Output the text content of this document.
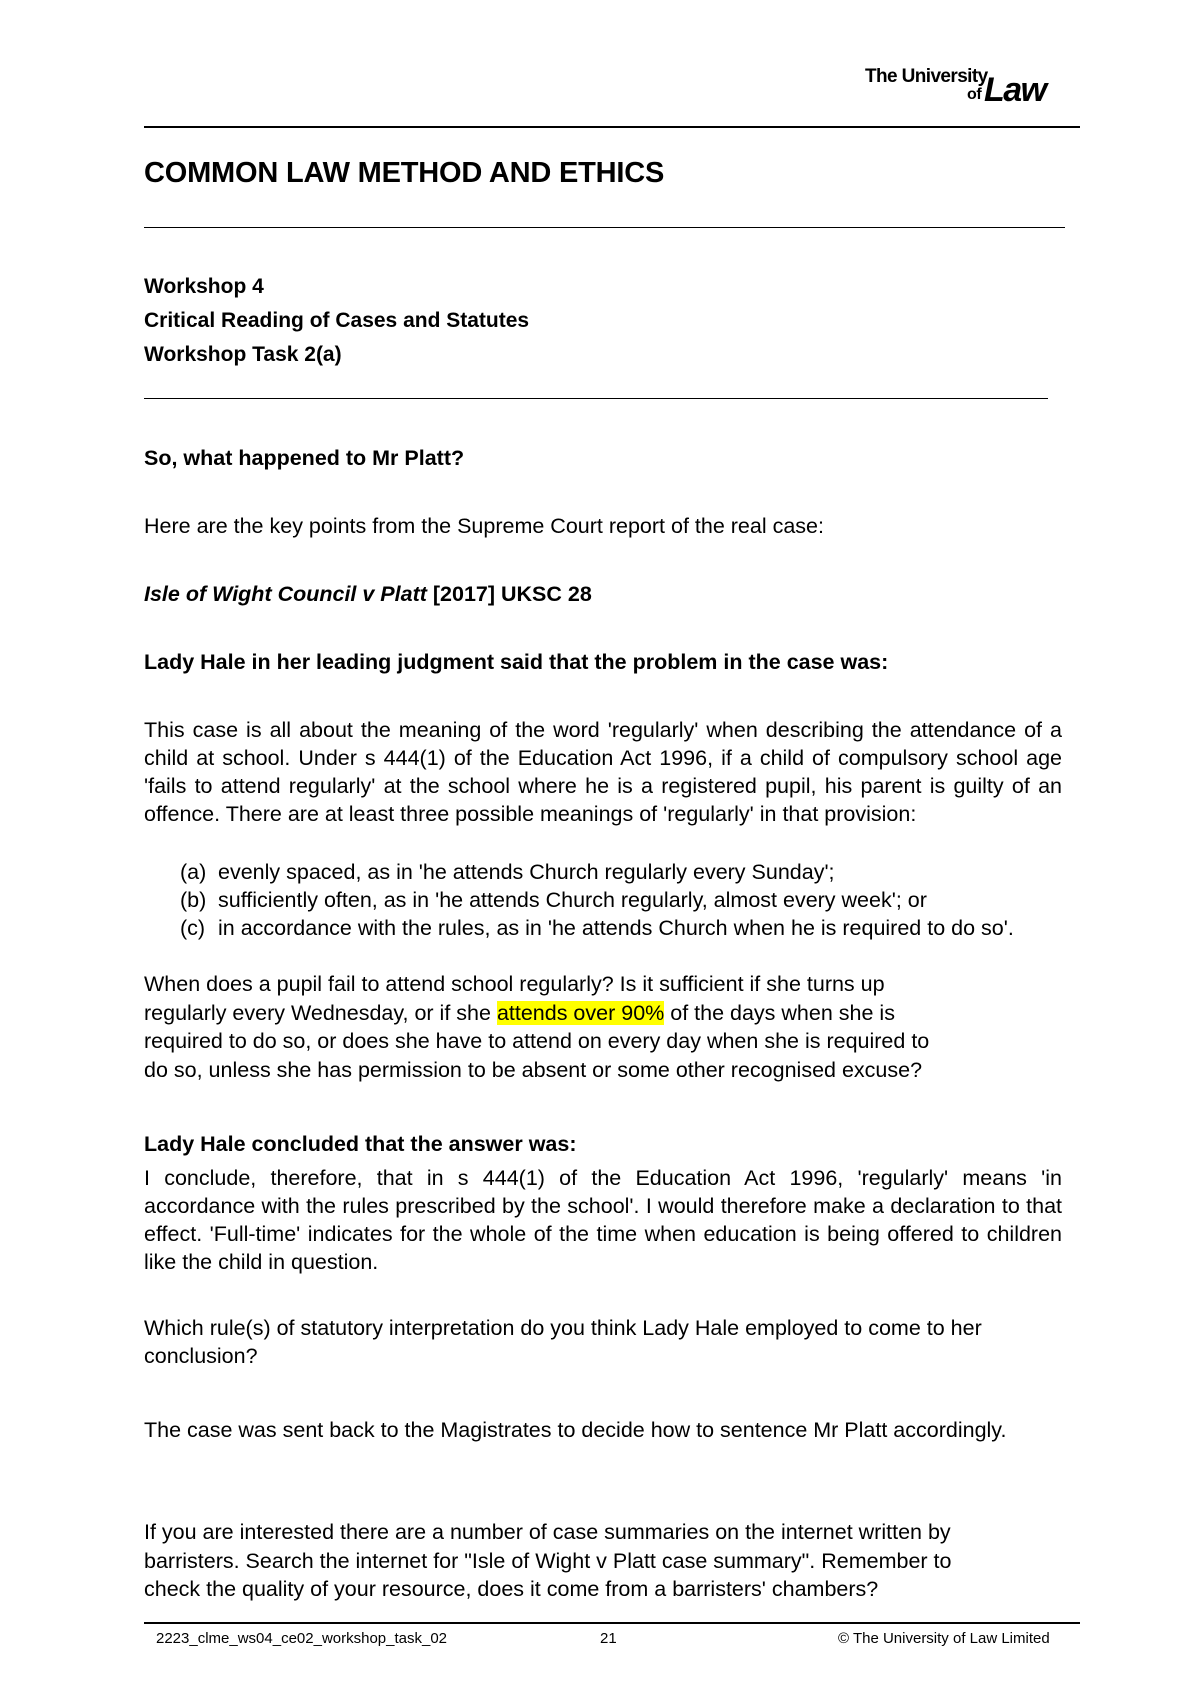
The University
of Law
COMMON LAW METHOD AND ETHICS
Workshop 4
Critical Reading of Cases and Statutes
Workshop Task 2(a)
So, what happened to Mr Platt?
Here are the key points from the Supreme Court report of the real case:
Isle of Wight Council v Platt [2017] UKSC 28
Lady Hale in her leading judgment said that the problem in the case was:
This case is all about the meaning of the word 'regularly' when describing the attendance of a child at school. Under s 444(1) of the Education Act 1996, if a child of compulsory school age 'fails to attend regularly' at the school where he is a registered pupil, his parent is guilty of an offence. There are at least three possible meanings of 'regularly' in that provision:
(a) evenly spaced, as in 'he attends Church regularly every Sunday';
(b) sufficiently often, as in 'he attends Church regularly, almost every week'; or
(c) in accordance with the rules, as in 'he attends Church when he is required to do so'.
When does a pupil fail to attend school regularly? Is it sufficient if she turns up
regularly every Wednesday, or if she attends over 90% of the days when she is
required to do so, or does she have to attend on every day when she is required to
do so, unless she has permission to be absent or some other recognised excuse?
Lady Hale concluded that the answer was:
I conclude, therefore, that in s 444(1) of the Education Act 1996, 'regularly' means 'in accordance with the rules prescribed by the school'. I would therefore make a declaration to that effect. 'Full-time' indicates for the whole of the time when education is being offered to children like the child in question.
Which rule(s) of statutory interpretation do you think Lady Hale employed to come to her conclusion?
The case was sent back to the Magistrates to decide how to sentence Mr Platt accordingly.
If you are interested there are a number of case summaries on the internet written by
barristers. Search the internet for "Isle of Wight v Platt case summary". Remember to
check the quality of your resource, does it come from a barristers' chambers?
2223_clme_ws04_ce02_workshop_task_02	21	© The University of Law Limited
